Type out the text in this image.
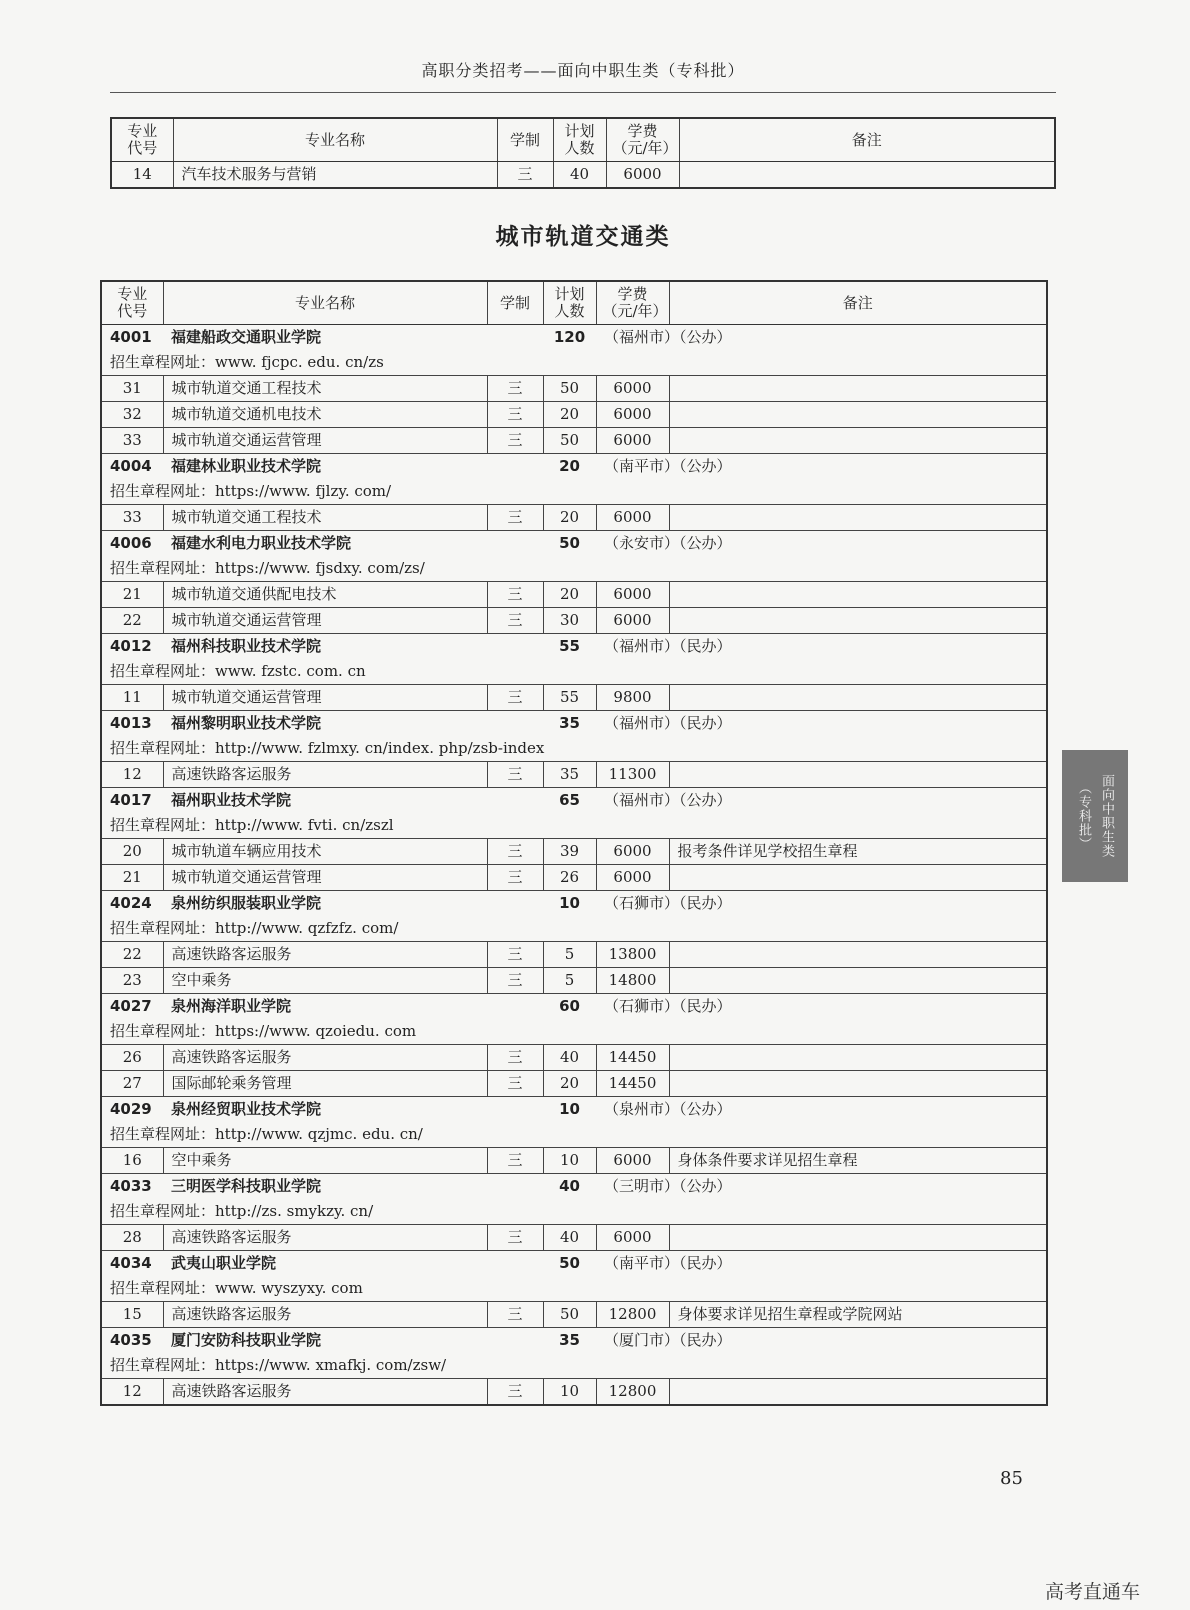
高职分类招考——面向中职生类（专科批）
专业代号	专业名称	学制	计划人数	学费（元/年）	备注
14	汽车技术服务与营销	三	40	6000	
城市轨道交通类
专业代号	专业名称	学制	计划人数	学费（元/年）	备注
4001	福建船政交通职业学院		120	（福州市）（公办）	
招生章程网址：www. fjcpc. edu. cn/zs					
31	城市轨道交通工程技术	三	50	6000	
32	城市轨道交通机电技术	三	20	6000	
33	城市轨道交通运营管理	三	50	6000	
4004	福建林业职业技术学院		20	（南平市）（公办）	
招生章程网址：https://www. fjlzy. com/					
33	城市轨道交通工程技术	三	20	6000	
4006	福建水利电力职业技术学院		50	（永安市）（公办）	
招生章程网址：https://www. fjsdxy. com/zs/					
21	城市轨道交通供配电技术	三	20	6000	
22	城市轨道交通运营管理	三	30	6000	
4012	福州科技职业技术学院		55	（福州市）（民办）	
招生章程网址：www. fzstc. com. cn					
11	城市轨道交通运营管理	三	55	9800	
4013	福州黎明职业技术学院		35	（福州市）（民办）	
招生章程网址：http://www. fzlmxy. cn/index. php/zsb-index					
12	高速铁路客运服务	三	35	11300	
4017	福州职业技术学院		65	（福州市）（公办）	
招生章程网址：http://www. fvti. cn/zszl					
20	城市轨道车辆应用技术	三	39	6000	报考条件详见学校招生章程
21	城市轨道交通运营管理	三	26	6000	
4024	泉州纺织服装职业学院		10	（石狮市）（民办）	
招生章程网址：http://www. qzfzfz. com/					
22	高速铁路客运服务	三	5	13800	
23	空中乘务	三	5	14800	
4027	泉州海洋职业学院		60	（石狮市）（民办）	
招生章程网址：https://www. qzoiedu. com					
26	高速铁路客运服务	三	40	14450	
27	国际邮轮乘务管理	三	20	14450	
4029	泉州经贸职业技术学院		10	（泉州市）（公办）	
招生章程网址：http://www. qzjmc. edu. cn/					
16	空中乘务	三	10	6000	身体条件要求详见招生章程
4033	三明医学科技职业学院		40	（三明市）（公办）	
招生章程网址：http://zs. smykzy. cn/					
28	高速铁路客运服务	三	40	6000	
4034	武夷山职业学院		50	（南平市）（民办）	
招生章程网址：www. wyszyxy. com					
15	高速铁路客运服务	三	50	12800	身体要求详见招生章程或学院网站
4035	厦门安防科技职业学院		35	（厦门市）（民办）	
招生章程网址：https://www. xmafkj. com/zsw/					
12	高速铁路客运服务	三	10	12800	
面向中职生类
（专科批）
85
高考直通车
